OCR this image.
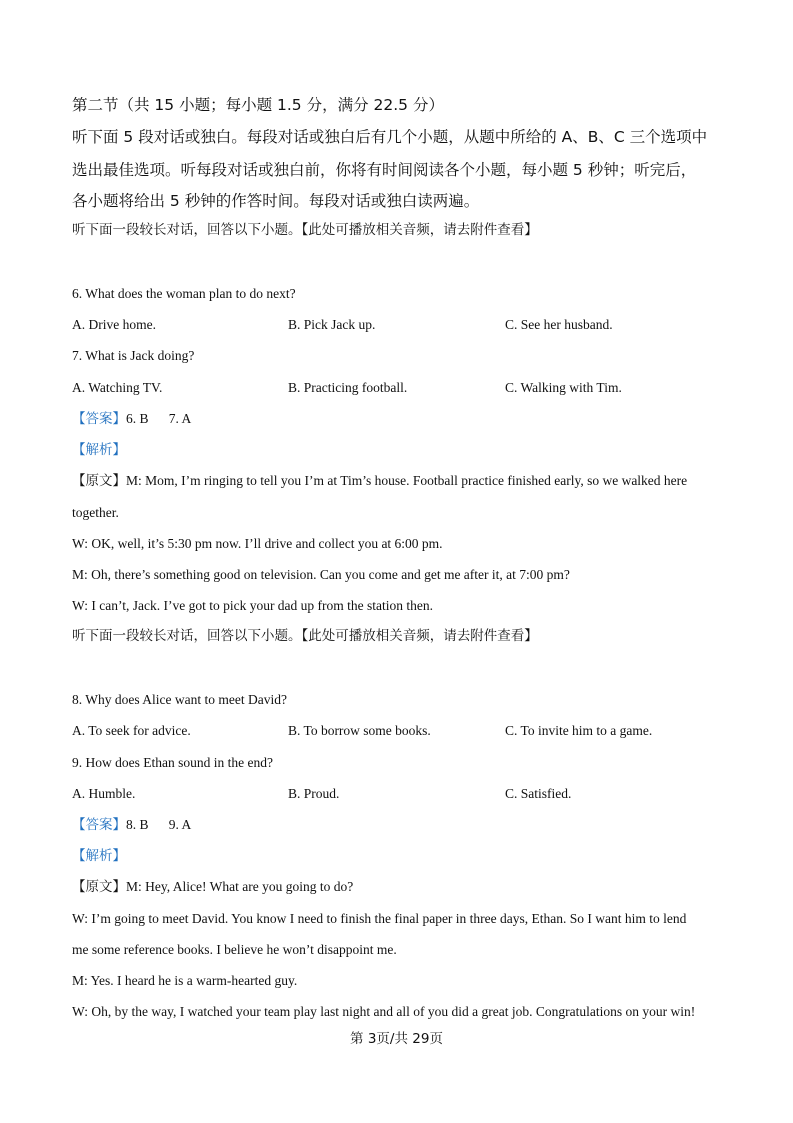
第二节（共 15 小题；每小题 1.5 分，满分 22.5 分）
听下面 5 段对话或独白。每段对话或独白后有几个小题，从题中所给的 A、B、C 三个选项中
选出最佳选项。听每段对话或独白前，你将有时间阅读各个小题，每小题 5 秒钟；听完后，
各小题将给出 5 秒钟的作答时间。每段对话或独白读两遍。
听下面一段较长对话，回答以下小题。【此处可播放相关音频，请去附件查看】
6. What does the woman plan to do next?
A. Drive home.	B. Pick Jack up.	C. See her husband.
7. What is Jack doing?
A. Watching TV.	B. Practicing football.	C. Walking with Tim.
【答案】6. B      7. A
【解析】
【原文】M: Mom, I’m ringing to tell you I’m at Tim’s house. Football practice finished early, so we walked here
together.
W: OK, well, it’s 5:30 pm now. I’ll drive and collect you at 6:00 pm.
M: Oh, there’s something good on television. Can you come and get me after it, at 7:00 pm?
W: I can’t, Jack. I’ve got to pick your dad up from the station then.
听下面一段较长对话，回答以下小题。【此处可播放相关音频，请去附件查看】
8. Why does Alice want to meet David?
A. To seek for advice.	B. To borrow some books.	C. To invite him to a game.
9. How does Ethan sound in the end?
A. Humble.	B. Proud.	C. Satisfied.
【答案】8. B      9. A
【解析】
【原文】M: Hey, Alice! What are you going to do?
W: I’m going to meet David. You know I need to finish the final paper in three days, Ethan. So I want him to lend
me some reference books. I believe he won’t disappoint me.
M: Yes. I heard he is a warm-hearted guy.
W: Oh, by the way, I watched your team play last night and all of you did a great job. Congratulations on your win!
第 3页/共 29页
